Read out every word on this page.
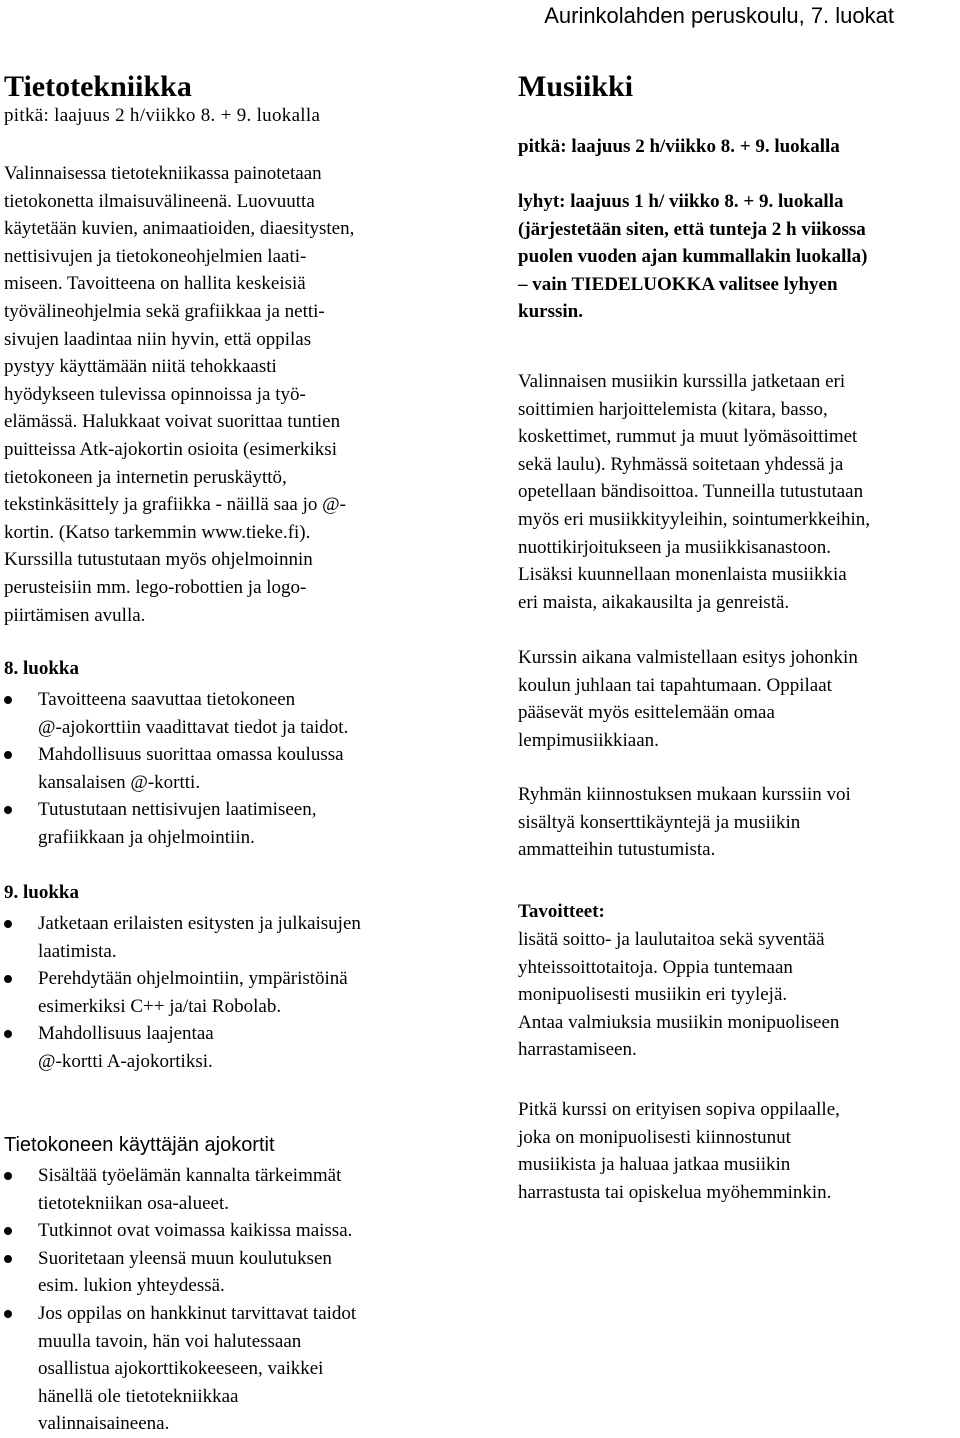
Aurinkolahden peruskoulu, 7. luokat
Tietotekniikka
pitkä: laajuus 2 h/viikko 8. + 9. luokalla
Valinnaisessa tietotekniikassa painotetaan
tietokonetta ilmaisuvälineenä. Luovuutta
käytetään kuvien, animaatioiden, diaesitysten,
nettisivujen ja tietokoneohjelmien laati-
miseen. Tavoitteena on hallita keskeisiä
työvälineohjelmia sekä grafiikkaa ja netti-
sivujen laadintaa niin hyvin, että oppilas
pystyy käyttämään niitä tehokkaasti
hyödykseen tulevissa opinnoissa ja työ-
elämässä. Halukkaat voivat suorittaa tuntien
puitteissa Atk-ajokortin osioita (esimerkiksi
tietokoneen ja internetin peruskäyttö,
tekstinkäsittely ja grafiikka - näillä saa jo @-
kortin. (Katso tarkemmin www.tieke.fi).
Kurssilla tutustutaan myös ohjelmoinnin
perusteisiin mm. lego-robottien ja logo-
piirtämisen avulla.
8. luokka
Tavoitteena saavuttaa tietokoneen
@-ajokorttiin vaadittavat tiedot ja taidot.
Mahdollisuus suorittaa omassa koulussa
kansalaisen @-kortti.
Tutustutaan nettisivujen laatimiseen,
grafiikkaan ja ohjelmointiin.
9. luokka
Jatketaan erilaisten esitysten ja julkaisujen
laatimista.
Perehdytään ohjelmointiin, ympäristöinä
esimerkiksi C++ ja/tai Robolab.
Mahdollisuus laajentaa
@-kortti A-ajokortiksi.
Tietokoneen käyttäjän ajokortit
Sisältää työelämän kannalta tärkeimmät
tietotekniikan osa-alueet.
Tutkinnot ovat voimassa kaikissa maissa.
Suoritetaan yleensä muun koulutuksen
esim. lukion yhteydessä.
Jos oppilas on hankkinut tarvittavat taidot
muulla tavoin, hän voi halutessaan
osallistua ajokorttikokeeseen, vaikkei
hänellä ole tietotekniikkaa
valinnaisaineena.
Musiikki
pitkä: laajuus 2 h/viikko 8. + 9. luokalla
lyhyt: laajuus 1 h/ viikko 8. + 9. luokalla
(järjestetään siten, että tunteja 2 h viikossa
puolen vuoden ajan kummallakin luokalla)
– vain TIEDELUOKKA valitsee lyhyen
kurssin.
Valinnaisen musiikin kurssilla jatketaan eri
soittimien harjoittelemista (kitara, basso,
koskettimet, rummut ja muut lyömäsoittimet
sekä laulu). Ryhmässä soitetaan yhdessä ja
opetellaan bändisoittoa. Tunneilla tutustutaan
myös eri musiikkityyleihin, sointumerkkeihin,
nuottikirjoitukseen ja musiikkisanastoon.
Lisäksi kuunnellaan monenlaista musiikkia
eri maista, aikakausilta ja genreistä.
Kurssin aikana valmistellaan esitys johonkin
koulun juhlaan tai tapahtumaan. Oppilaat
pääsevät myös esittelemään omaa
lempimusiikkiaan.
Ryhmän kiinnostuksen mukaan kurssiin voi
sisältyä konserttikäyntejä ja musiikin
ammatteihin tutustumista.
Tavoitteet:
lisätä soitto- ja laulutaitoa sekä syventää
yhteissoittotaitoja. Oppia tuntemaan
monipuolisesti musiikin eri tyylejä.
Antaa valmiuksia musiikin monipuoliseen
harrastamiseen.
Pitkä kurssi on erityisen sopiva oppilaalle,
joka on monipuolisesti kiinnostunut
musiikista ja haluaa jatkaa musiikin
harrastusta tai opiskelua myöhemminkin.
